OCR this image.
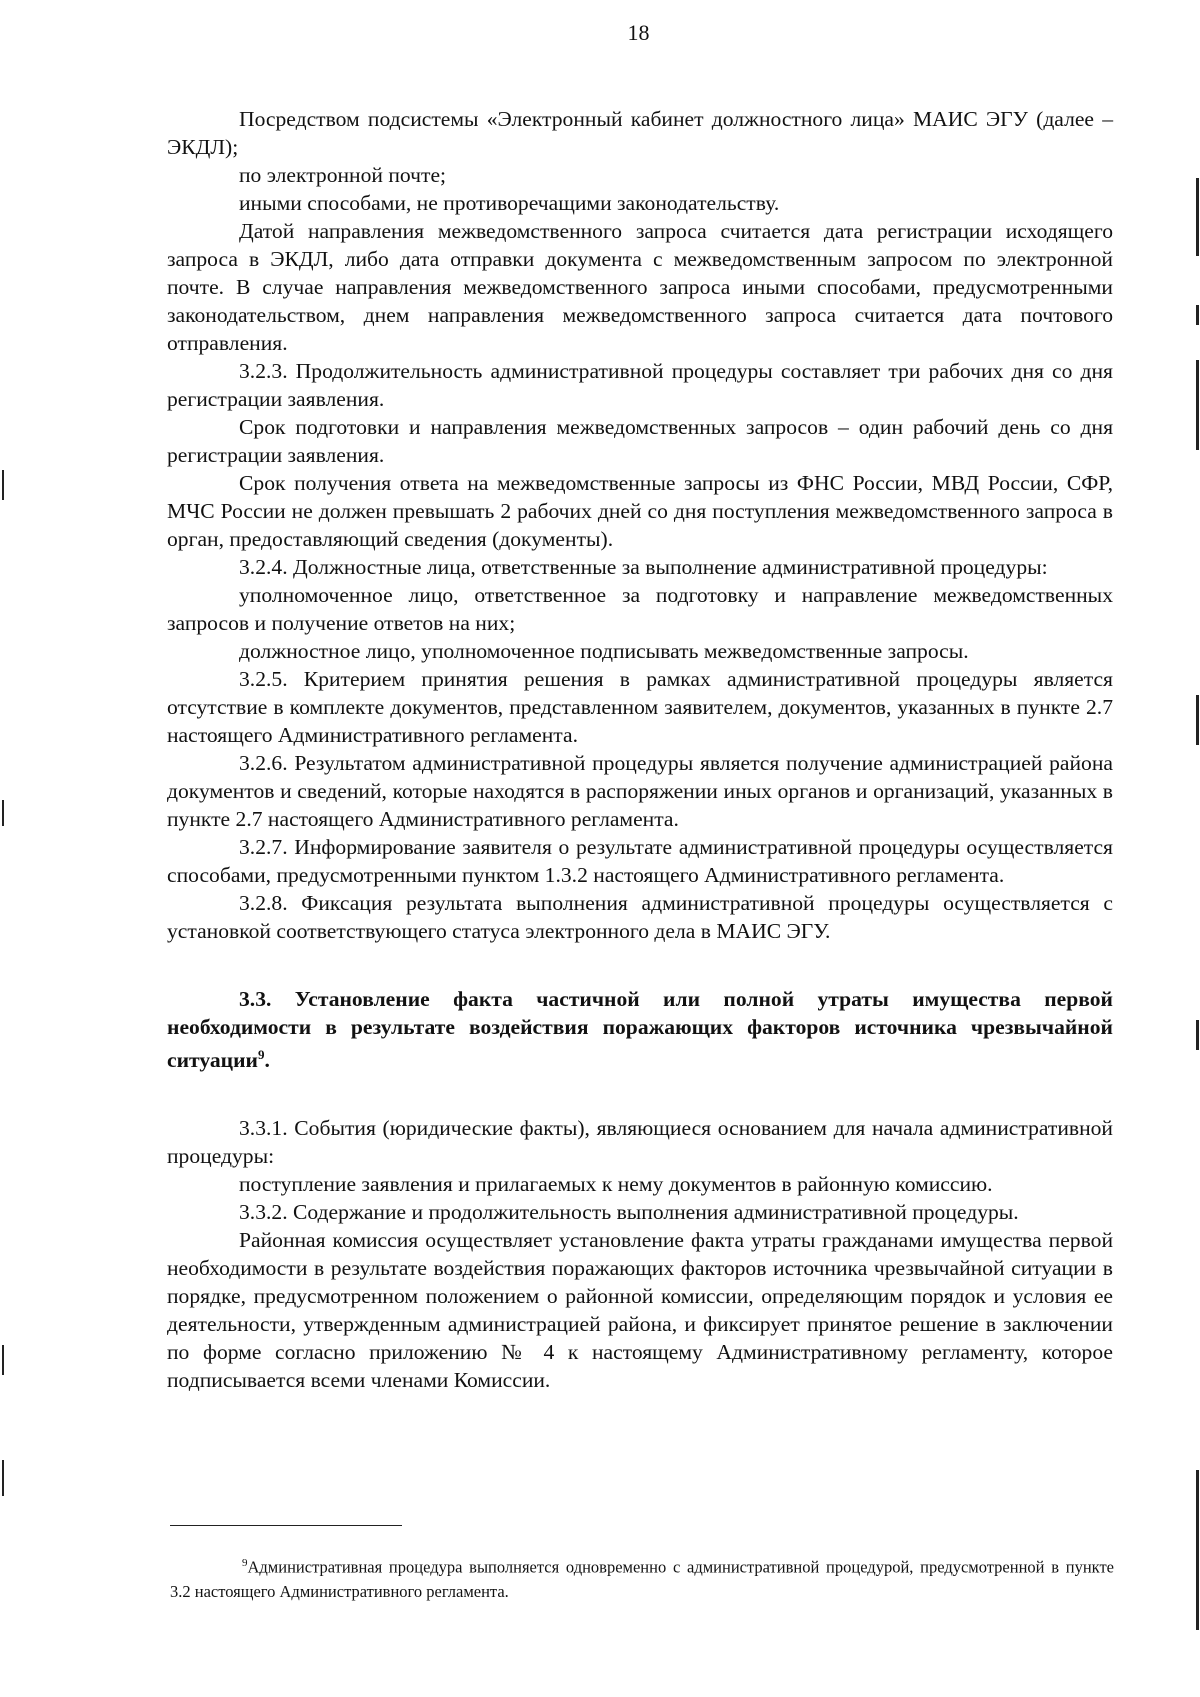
18

Посредством подсистемы «Электронный кабинет должностного лица» МАИС ЭГУ (далее – ЭКДЛ);

по электронной почте;

иными способами, не противоречащими законодательству.

Датой направления межведомственного запроса считается дата регистрации исходящего запроса в ЭКДЛ, либо дата отправки документа с межведомственным запросом по электронной почте. В случае направления межведомственного запроса иными способами, предусмотренными законодательством, днем направления межведомственного запроса считается дата почтового отправления.

3.2.3. Продолжительность административной процедуры составляет три рабочих дня со дня регистрации заявления.

Срок подготовки и направления межведомственных запросов – один рабочий день со дня регистрации заявления.

Срок получения ответа на межведомственные запросы из ФНС России, МВД России, СФР, МЧС России не должен превышать 2 рабочих дней со дня поступления межведомственного запроса в орган, предоставляющий сведения (документы).

3.2.4. Должностные лица, ответственные за выполнение административной процедуры:

уполномоченное лицо, ответственное за подготовку и направление межведомственных запросов и получение ответов на них;

должностное лицо, уполномоченное подписывать межведомственные запросы.

3.2.5. Критерием принятия решения в рамках административной процедуры является отсутствие в комплекте документов, представленном заявителем, документов, указанных в пункте 2.7 настоящего Административного регламента.

3.2.6. Результатом административной процедуры является получение администрацией района документов и сведений, которые находятся в распоряжении иных органов и организаций, указанных в пункте 2.7 настоящего Административного регламента.

3.2.7. Информирование заявителя о результате административной процедуры осуществляется способами, предусмотренными пунктом 1.3.2 настоящего Административного регламента.

3.2.8. Фиксация результата выполнения административной процедуры осуществляется с установкой соответствующего статуса электронного дела в МАИС ЭГУ.

3.3. Установление факта частичной или полной утраты имущества первой необходимости в результате воздействия поражающих факторов источника чрезвычайной ситуации$^9$.

3.3.1. События (юридические факты), являющиеся основанием для начала административной процедуры:

поступление заявления и прилагаемых к нему документов в районную комиссию.

3.3.2. Содержание и продолжительность выполнения административной процедуры.

Районная комиссия осуществляет установление факта утраты гражданами имущества первой необходимости в результате воздействия поражающих факторов источника чрезвычайной ситуации в порядке, предусмотренном положением о районной комиссии, определяющим порядок и условия ее деятельности, утвержденным администрацией района, и фиксирует принятое решение в заключении по форме согласно приложению № 4 к настоящему Административному регламенту, которое подписывается всеми членами Комиссии.

$^9$Административная процедура выполняется одновременно с административной процедурой, предусмотренной в пункте 3.2 настоящего Административного регламента.
